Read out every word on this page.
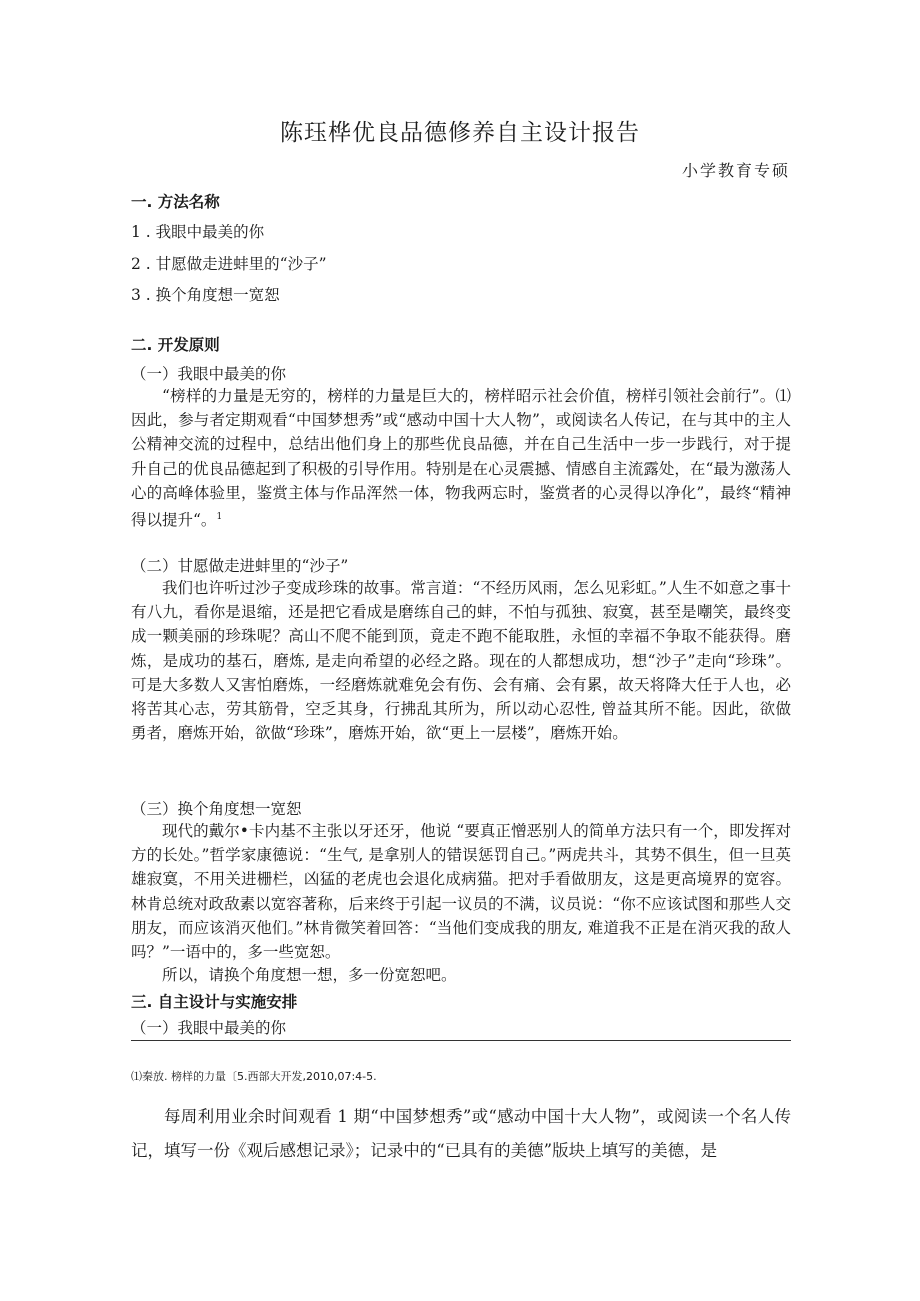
陈珏桦优良品德修养自主设计报告
小学教育专硕
一. 方法名称
1 . 我眼中最美的你
2 . 甘愿做走进蚌里的“沙子”
3 . 换个角度想一宽恕
二. 开发原则
（一）我眼中最美的你
“榜样的力量是无穷的，榜样的力量是巨大的，榜样昭示社会价值，榜样引领社会前行”。⑴因此，参与者定期观看“中国梦想秀”或“感动中国十大人物”，或阅读名人传记，在与其中的主人公精神交流的过程中，总结出他们身上的那些优良品德，并在自己生活中一步一步践行，对于提升自己的优良品德起到了积极的引导作用。特别是在心灵震撼、情感自主流露处，在“最为激荡人心的高峰体验里，鉴赏主体与作品浑然一体，物我两忘时，鉴赏者的心灵得以净化”，最终“精神得以提升“。$^1$
（二）甘愿做走进蚌里的“沙子”
我们也许听过沙子变成珍珠的故事。常言道：“不经历风雨，怎么见彩虹。”人生不如意之事十有八九，看你是退缩，还是把它看成是磨练自己的蚌，不怕与孤独、寂寞，甚至是嘲笑，最终变成一颗美丽的珍珠呢？高山不爬不能到顶，竟走不跑不能取胜，永恒的幸福不争取不能获得。磨炼，是成功的基石，磨炼, 是走向希望的必经之路。现在的人都想成功，想“沙子”走向“珍珠”。可是大多数人又害怕磨炼，一经磨炼就难免会有伤、会有痛、会有累，故天将降大任于人也，必将苦其心志，劳其筋骨，空乏其身，行拂乱其所为，所以动心忍性, 曾益其所不能。因此，欲做勇者，磨炼开始，欲做“珍珠”，磨炼开始，欲“更上一层楼”，磨炼开始。
（三）换个角度想一宽恕
现代的戴尔•卡内基不主张以牙还牙，他说 “要真正憎恶别人的简单方法只有一个，即发挥对方的长处。”哲学家康德说：“生气, 是拿别人的错误惩罚自己。”两虎共斗，其势不俱生，但一旦英雄寂寞，不用关进栅栏，凶猛的老虎也会退化成病猫。把对手看做朋友，这是更高境界的宽容。林肯总统对政敌素以宽容著称，后来终于引起一议员的不满，议员说：“你不应该试图和那些人交朋友，而应该消灭他们。”林肯微笑着回答：“当他们变成我的朋友, 难道我不正是在消灭我的敌人吗？”一语中的，多一些宽恕。
所以，请换个角度想一想，多一份宽恕吧。
三. 自主设计与实施安排
（一）我眼中最美的你
⑴秦放. 榜样的力量〔5.西部大开发,2010,07:4-5.
每周利用业余时间观看 1 期“中国梦想秀”或“感动中国十大人物”，或阅读一个名人传记，填写一份《观后感想记录》；记录中的“已具有的美德”版块上填写的美德，是
